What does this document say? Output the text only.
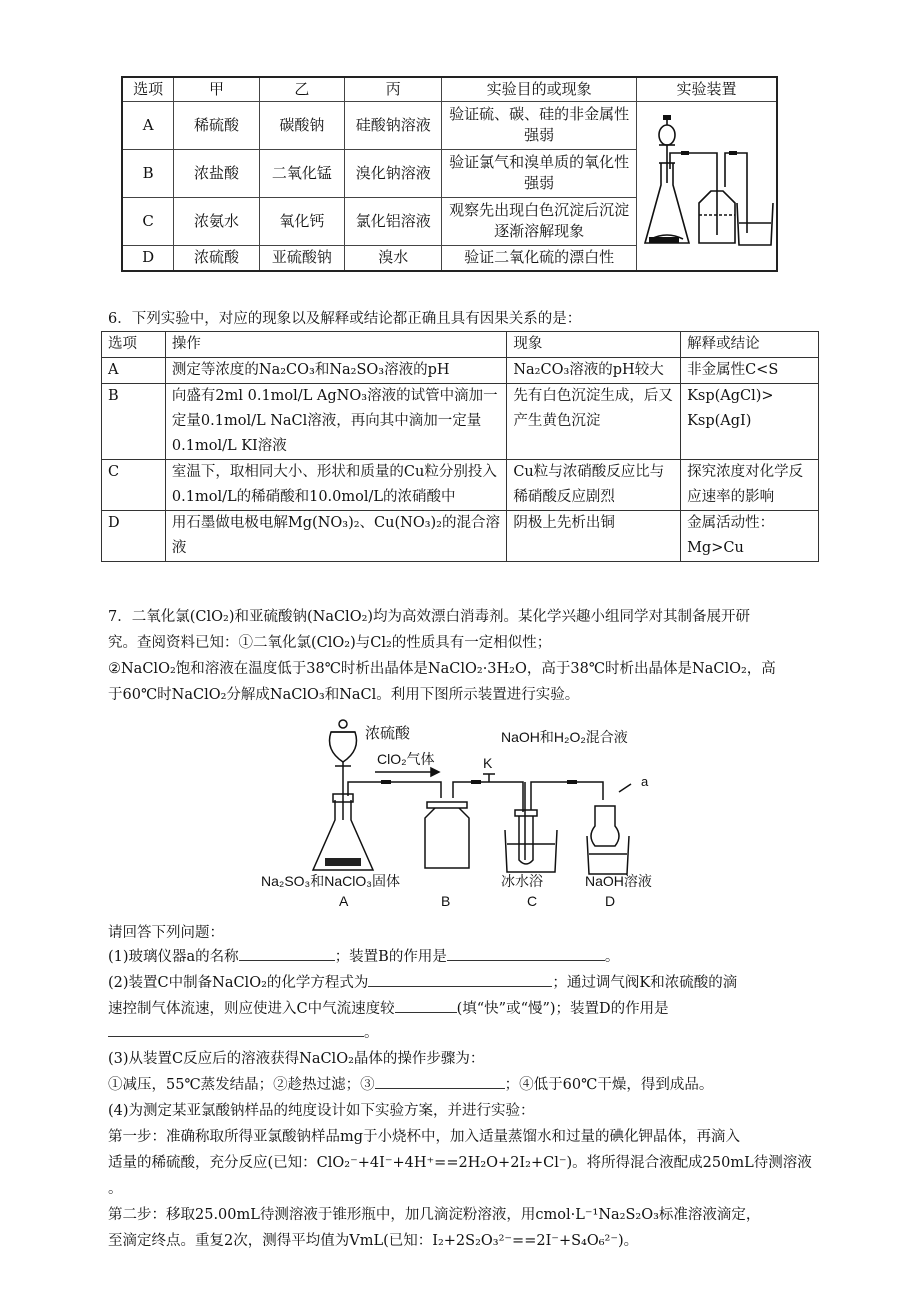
选项	甲	乙	丙	实验目的或现象	实验装置
A	稀硫酸	碳酸钠	硅酸钠溶液	验证硫、碳、硅的非金属性强弱	
B	浓盐酸	二氧化锰	溴化钠溶液	验证氯气和溴单质的氧化性强弱	
C	浓氨水	氧化钙	氯化铝溶液	观察先出现白色沉淀后沉淀逐渐溶解现象	
D	浓硫酸	亚硫酸钠	溴水	验证二氧化硫的漂白性	
6．下列实验中，对应的现象以及解释或结论都正确且具有因果关系的是：
选项	操作	现象	解释或结论
A	测定等浓度的Na₂CO₃和Na₂SO₃溶液的pH	Na₂CO₃溶液的pH较大	非金属性C<S
B	向盛有2ml 0.1mol/L AgNO₃溶液的试管中滴加一定量0.1mol/L NaCl溶液，再向其中滴加一定量0.1mol/L KI溶液	先有白色沉淀生成，后又产生黄色沉淀	Ksp(AgCl)> Ksp(AgI)
C	室温下，取相同大小、形状和质量的Cu粒分别投入0.1mol/L的稀硝酸和10.0mol/L的浓硝酸中	Cu粒与浓硝酸反应比与稀硝酸反应剧烈	探究浓度对化学反应速率的影响
D	用石墨做电极电解Mg(NO₃)₂、Cu(NO₃)₂的混合溶液	阴极上先析出铜	金属活动性：Mg>Cu
7．二氧化氯(ClO₂)和亚硫酸钠(NaClO₂)均为高效漂白消毒剂。某化学兴趣小组同学对其制备展开研
究。查阅资料已知：①二氧化氯(ClO₂)与Cl₂的性质具有一定相似性；
②NaClO₂饱和溶液在温度低于38℃时析出晶体是NaClO₂·3H₂O，高于38℃时析出晶体是NaClO₂，高
于60℃时NaClO₂分解成NaClO₃和NaCl。利用下图所示装置进行实验。
浓硫酸
ClO₂气体	K
NaOH和H₂O₂混合液
a
Na₂SO₃和NaClO₃固体	冰水浴	NaOH溶液
A	B	C	D
请回答下列问题：
(1)玻璃仪器a的名称	；装置B的作用是	。
(2)装置C中制备NaClO₂的化学方程式为	；通过调气阀K和浓硫酸的滴
速控制气体流速，则应使进入C中气流速度较	(填“快”或“慢”)；装置D的作用是
。
(3)从装置C反应后的溶液获得NaClO₂晶体的操作步骤为：
①减压，55℃蒸发结晶；②趁热过滤；③	；④低于60℃干燥，得到成品。
(4)为测定某亚氯酸钠样品的纯度设计如下实验方案，并进行实验：
第一步：准确称取所得亚氯酸钠样品mg于小烧杯中，加入适量蒸馏水和过量的碘化钾晶体，再滴入
适量的稀硫酸，充分反应(已知：ClO₂⁻+4I⁻+4H⁺==2H₂O+2I₂+Cl⁻)。将所得混合液配成250mL待测溶液
。
第二步：移取25.00mL待测溶液于锥形瓶中，加几滴淀粉溶液，用cmol·L⁻¹Na₂S₂O₃标准溶液滴定，
至滴定终点。重复2次，测得平均值为VmL(已知：I₂+2S₂O₃²⁻==2I⁻+S₄O₆²⁻)。
